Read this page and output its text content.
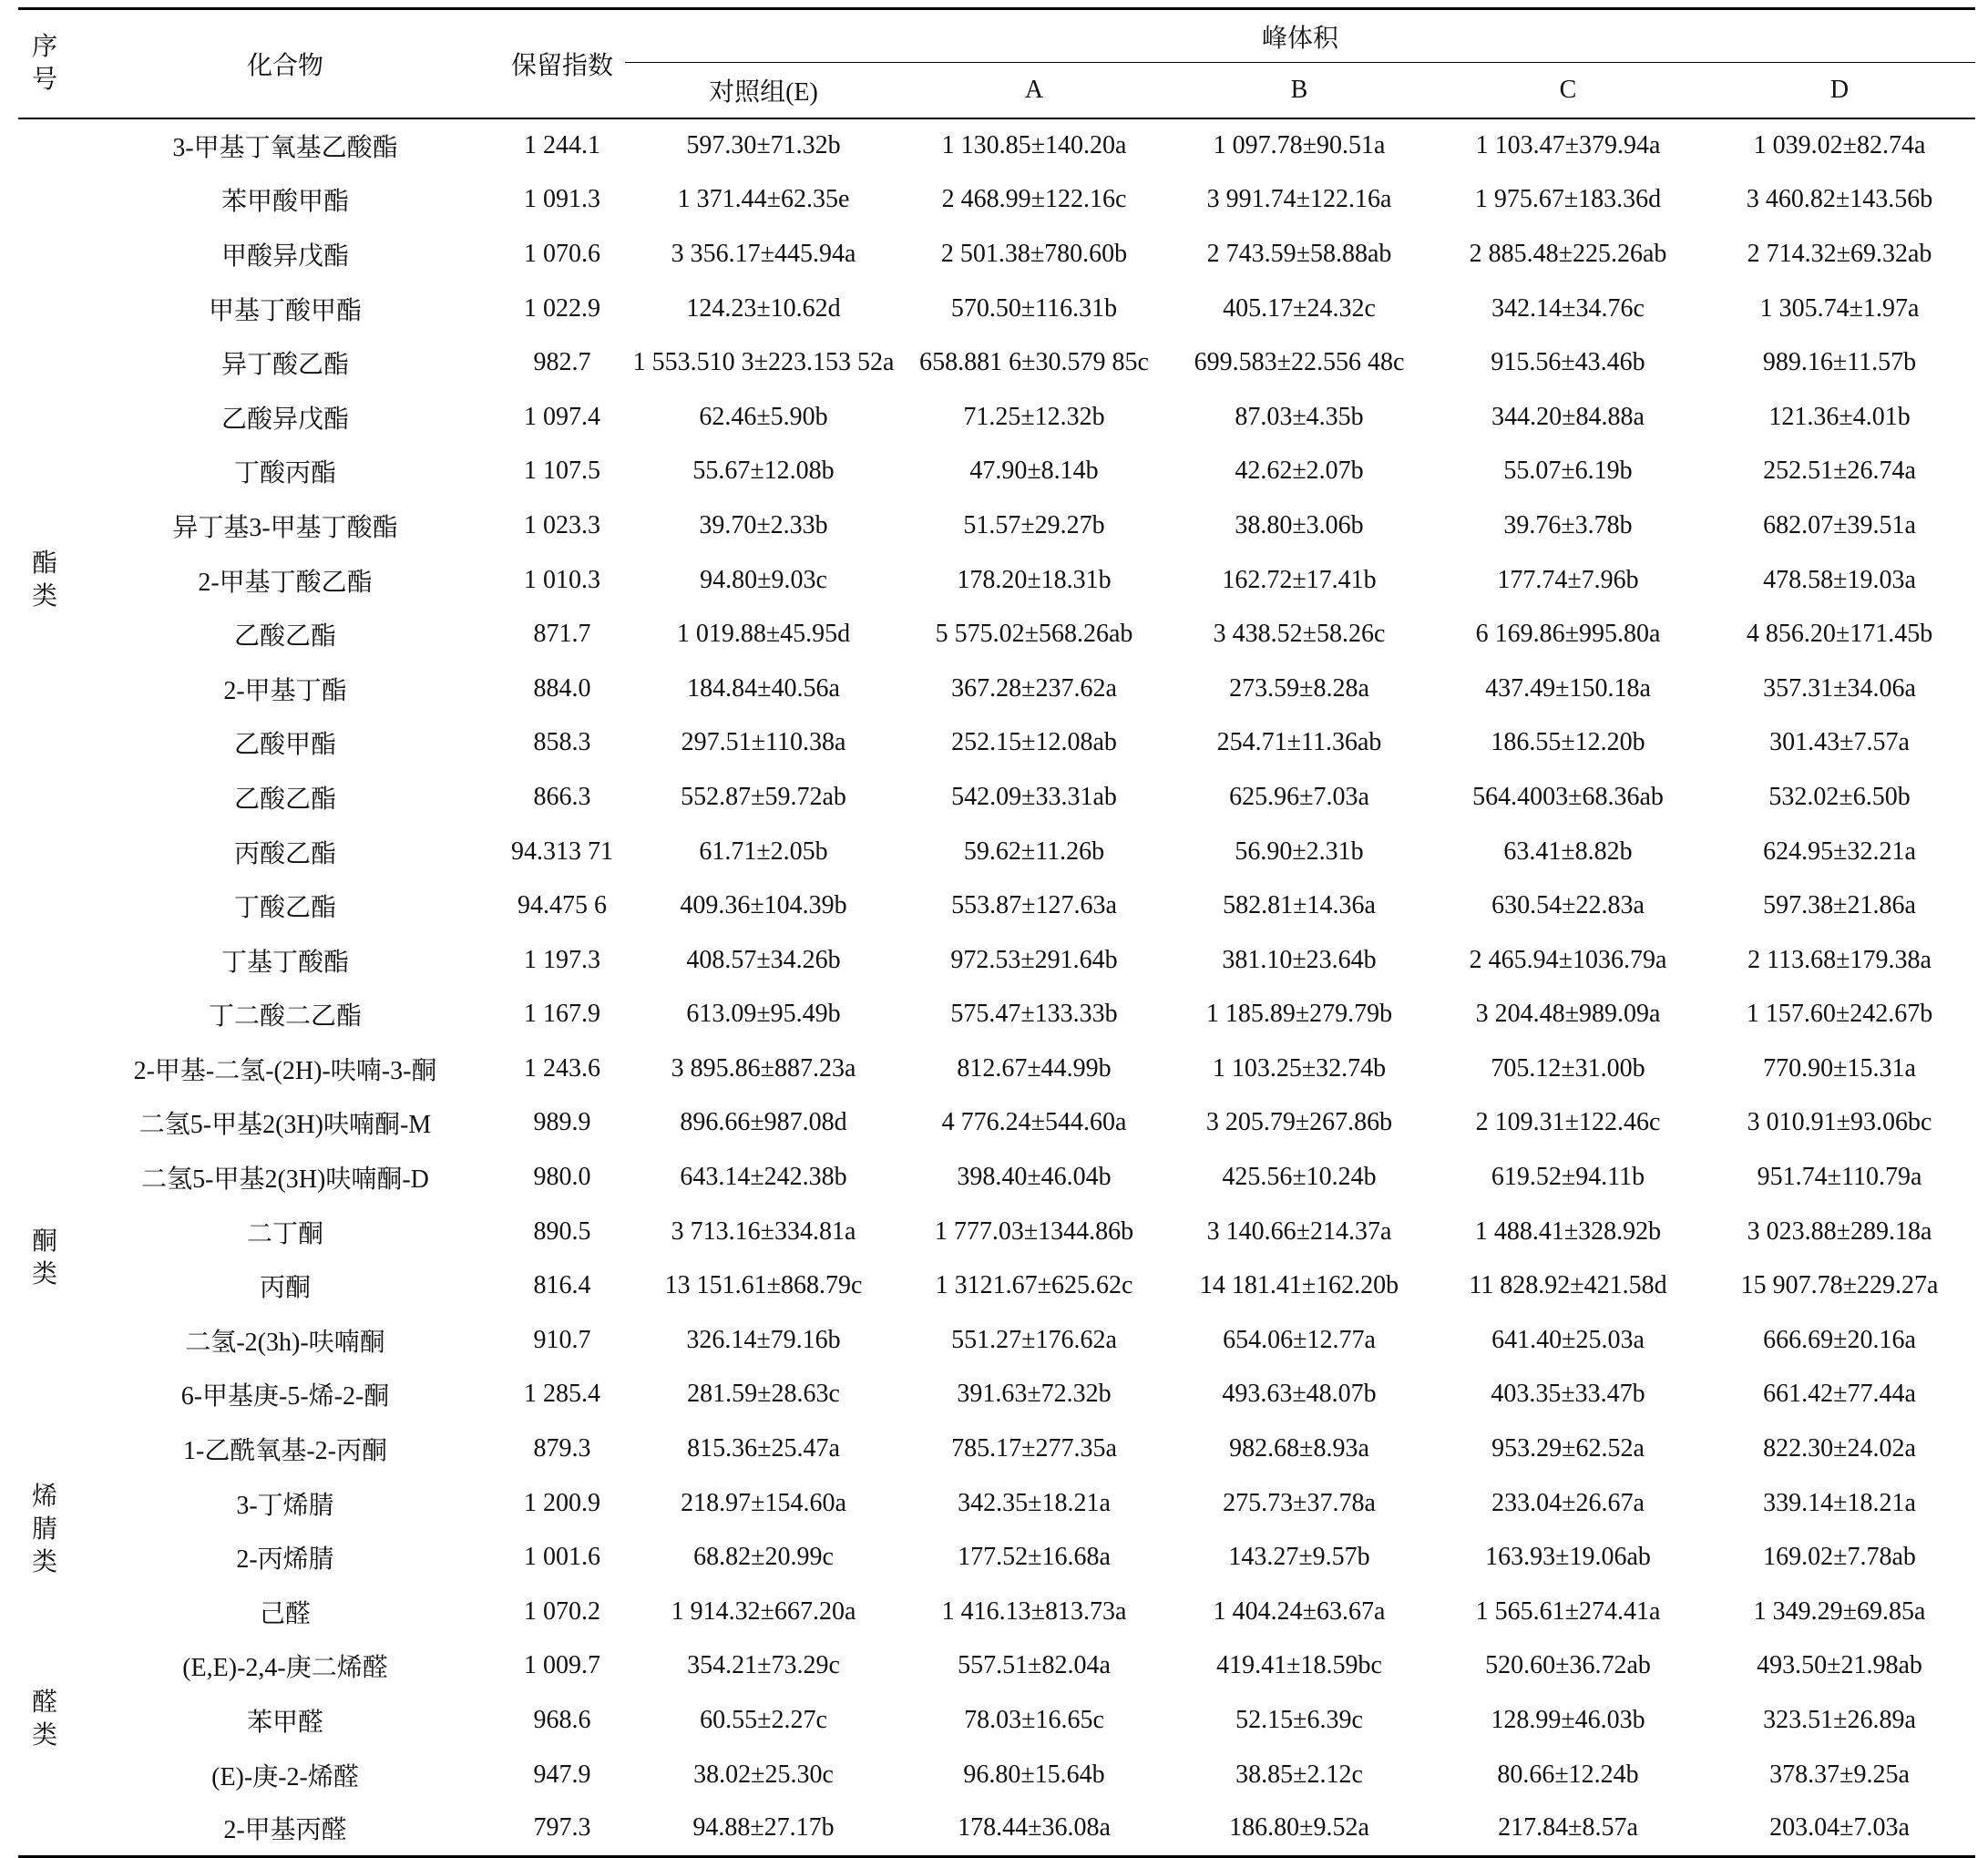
序号	化合物	保留指数	峰体积				

			对照组(E)	A	B	C	D

酯类	3-甲基丁氧基乙酸酯	1 244.1	597.30±71.32b	1 130.85±140.20a	1 097.78±90.51a	1 103.47±379.94a	1 039.02±82.74a
	苯甲酸甲酯	1 091.3	1 371.44±62.35e	2 468.99±122.16c	3 991.74±122.16a	1 975.67±183.36d	3 460.82±143.56b
	甲酸异戊酯	1 070.6	3 356.17±445.94a	2 501.38±780.60b	2 743.59±58.88ab	2 885.48±225.26ab	2 714.32±69.32ab
	甲基丁酸甲酯	1 022.9	124.23±10.62d	570.50±116.31b	405.17±24.32c	342.14±34.76c	1 305.74±1.97a
	异丁酸乙酯	982.7	1 553.510 3±223.153 52a	658.881 6±30.579 85c	699.583±22.556 48c	915.56±43.46b	989.16±11.57b
	乙酸异戊酯	1 097.4	62.46±5.90b	71.25±12.32b	87.03±4.35b	344.20±84.88a	121.36±4.01b
	丁酸丙酯	1 107.5	55.67±12.08b	47.90±8.14b	42.62±2.07b	55.07±6.19b	252.51±26.74a
	异丁基3-甲基丁酸酯	1 023.3	39.70±2.33b	51.57±29.27b	38.80±3.06b	39.76±3.78b	682.07±39.51a
	2-甲基丁酸乙酯	1 010.3	94.80±9.03c	178.20±18.31b	162.72±17.41b	177.74±7.96b	478.58±19.03a
	乙酸乙酯	871.7	1 019.88±45.95d	5 575.02±568.26ab	3 438.52±58.26c	6 169.86±995.80a	4 856.20±171.45b
	2-甲基丁酯	884.0	184.84±40.56a	367.28±237.62a	273.59±8.28a	437.49±150.18a	357.31±34.06a
	乙酸甲酯	858.3	297.51±110.38a	252.15±12.08ab	254.71±11.36ab	186.55±12.20b	301.43±7.57a
	乙酸乙酯	866.3	552.87±59.72ab	542.09±33.31ab	625.96±7.03a	564.4003±68.36ab	532.02±6.50b
	丙酸乙酯	94.313 71	61.71±2.05b	59.62±11.26b	56.90±2.31b	63.41±8.82b	624.95±32.21a
	丁酸乙酯	94.475 6	409.36±104.39b	553.87±127.63a	582.81±14.36a	630.54±22.83a	597.38±21.86a
	丁基丁酸酯	1 197.3	408.57±34.26b	972.53±291.64b	381.10±23.64b	2 465.94±1036.79a	2 113.68±179.38a
	丁二酸二乙酯	1 167.9	613.09±95.49b	575.47±133.33b	1 185.89±279.79b	3 204.48±989.09a	1 157.60±242.67b

酮类	2-甲基-二氢-(2H)-呋喃-3-酮	1 243.6	3 895.86±887.23a	812.67±44.99b	1 103.25±32.74b	705.12±31.00b	770.90±15.31a
	二氢5-甲基2(3H)呋喃酮-M	989.9	896.66±987.08d	4 776.24±544.60a	3 205.79±267.86b	2 109.31±122.46c	3 010.91±93.06bc
	二氢5-甲基2(3H)呋喃酮-D	980.0	643.14±242.38b	398.40±46.04b	425.56±10.24b	619.52±94.11b	951.74±110.79a
	二丁酮	890.5	3 713.16±334.81a	1 777.03±1344.86b	3 140.66±214.37a	1 488.41±328.92b	3 023.88±289.18a
	丙酮	816.4	13 151.61±868.79c	1 3121.67±625.62c	14 181.41±162.20b	11 828.92±421.58d	15 907.78±229.27a
	二氢-2(3h)-呋喃酮	910.7	326.14±79.16b	551.27±176.62a	654.06±12.77a	641.40±25.03a	666.69±20.16a
	6-甲基庚-5-烯-2-酮	1 285.4	281.59±28.63c	391.63±72.32b	493.63±48.07b	403.35±33.47b	661.42±77.44a
	1-乙酰氧基-2-丙酮	879.3	815.36±25.47a	785.17±277.35a	982.68±8.93a	953.29±62.52a	822.30±24.02a

烯腈类	3-丁烯腈	1 200.9	218.97±154.60a	342.35±18.21a	275.73±37.78a	233.04±26.67a	339.14±18.21a
	2-丙烯腈	1 001.6	68.82±20.99c	177.52±16.68a	143.27±9.57b	163.93±19.06ab	169.02±7.78ab

醛类	己醛	1 070.2	1 914.32±667.20a	1 416.13±813.73a	1 404.24±63.67a	1 565.61±274.41a	1 349.29±69.85a
	(E,E)-2,4-庚二烯醛	1 009.7	354.21±73.29c	557.51±82.04a	419.41±18.59bc	520.60±36.72ab	493.50±21.98ab
	苯甲醛	968.6	60.55±2.27c	78.03±16.65c	52.15±6.39c	128.99±46.03b	323.51±26.89a
	(E)-庚-2-烯醛	947.9	38.02±25.30c	96.80±15.64b	38.85±2.12c	80.66±12.24b	378.37±9.25a
	2-甲基丙醛	797.3	94.88±27.17b	178.44±36.08a	186.80±9.52a	217.84±8.57a	203.04±7.03a
